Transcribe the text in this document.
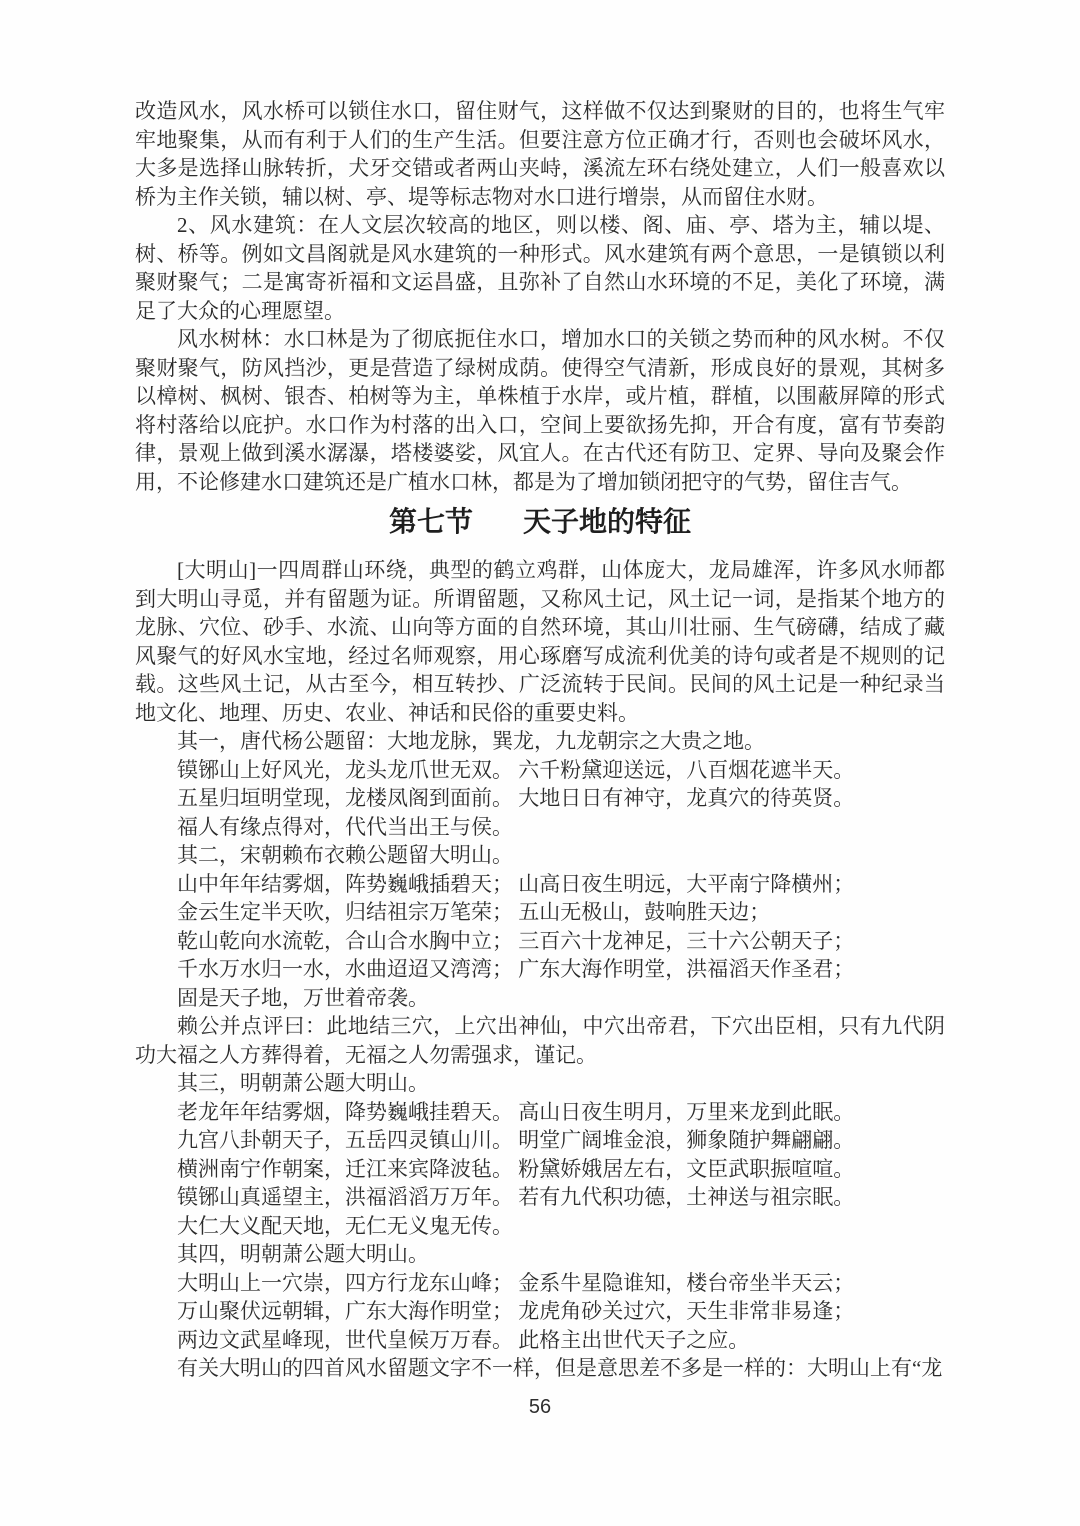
改造风水，风水桥可以锁住水口，留住财气，这样做不仅达到聚财的目的，也将生气牢牢地聚集，从而有利于人们的生产生活。但要注意方位正确才行，否则也会破坏风水，大多是选择山脉转折，犬牙交错或者两山夹峙，溪流左环右绕处建立，人们一般喜欢以桥为主作关锁，辅以树、亭、堤等标志物对水口进行增崇，从而留住水财。

2、风水建筑：在人文层次较高的地区，则以楼、阁、庙、亭、塔为主，辅以堤、树、桥等。例如文昌阁就是风水建筑的一种形式。风水建筑有两个意思，一是镇锁以利聚财聚气；二是寓寄祈福和文运昌盛，且弥补了自然山水环境的不足，美化了环境，满足了大众的心理愿望。

风水树林：水口林是为了彻底扼住水口，增加水口的关锁之势而种的风水树。不仅聚财聚气，防风挡沙，更是营造了绿树成荫。使得空气清新，形成良好的景观，其树多以樟树、枫树、银杏、柏树等为主，单株植于水岸，或片植，群植，以围蔽屏障的形式将村落给以庇护。水口作为村落的出入口，空间上要欲扬先抑，开合有度，富有节奏韵律，景观上做到溪水潺瀑，塔楼婆娑，风宜人。在古代还有防卫、定界、导向及聚会作用，不论修建水口建筑还是广植水口林，都是为了增加锁闭把守的气势，留住吉气。

第七节 天子地的特征

[大明山]一四周群山环绕，典型的鹤立鸡群，山体庞大，龙局雄浑，许多风水师都到大明山寻觅，并有留题为证。所谓留题，又称风土记，风土记一词，是指某个地方的龙脉、穴位、砂手、水流、山向等方面的自然环境，其山川壮丽、生气磅礴，结成了藏风聚气的好风水宝地，经过名师观察，用心琢磨写成流利优美的诗句或者是不规则的记载。这些风土记，从古至今，相互转抄、广泛流转于民间。民间的风土记是一种纪录当地文化、地理、历史、农业、神话和民俗的重要史料。

其一，唐代杨公题留：大地龙脉，巽龙，九龙朝宗之大贵之地。

镆铘山上好风光，龙头龙爪世无双。 六千粉黛迎送远，八百烟花遮半天。

五星归垣明堂现，龙楼凤阁到面前。 大地日日有神守，龙真穴的待英贤。

福人有缘点得对，代代当出王与侯。

其二，宋朝赖布衣赖公题留大明山。

山中年年结雾烟，阵势巍峨插碧天； 山高日夜生明远，大平南宁降横州；

金云生定半天吹，归结祖宗万笔荣； 五山无极山，鼓响胜天边；

乾山乾向水流乾，合山合水胸中立； 三百六十龙神足，三十六公朝天子；

千水万水归一水，水曲迢迢又湾湾； 广东大海作明堂，洪福滔天作圣君；

固是天子地，万世着帝袭。

赖公并点评曰：此地结三穴，上穴出神仙，中穴出帝君，下穴出臣相，只有九代阴功大福之人方葬得着，无福之人勿需强求，谨记。

其三，明朝萧公题大明山。

老龙年年结雾烟，降势巍峨挂碧天。 高山日夜生明月，万里来龙到此眠。

九宫八卦朝天子，五岳四灵镇山川。 明堂广阔堆金浪，狮象随护舞翩翩。

横洲南宁作朝案，迁江来宾降波毡。 粉黛娇娥居左右，文臣武职振喧喧。

镆铘山真遥望主，洪福滔滔万万年。 若有九代积功德，土神送与祖宗眠。

大仁大义配天地，无仁无义鬼无传。

其四，明朝萧公题大明山。

大明山上一穴崇，四方行龙东山峰； 金系牛星隐谁知，楼台帝坐半天云；

万山聚伏远朝辑，广东大海作明堂； 龙虎角砂关过穴，天生非常非易逢；

两边文武星峰现，世代皇候万万春。 此格主出世代天子之应。

有关大明山的四首风水留题文字不一样，但是意思差不多是一样的：大明山上有“龙

56
